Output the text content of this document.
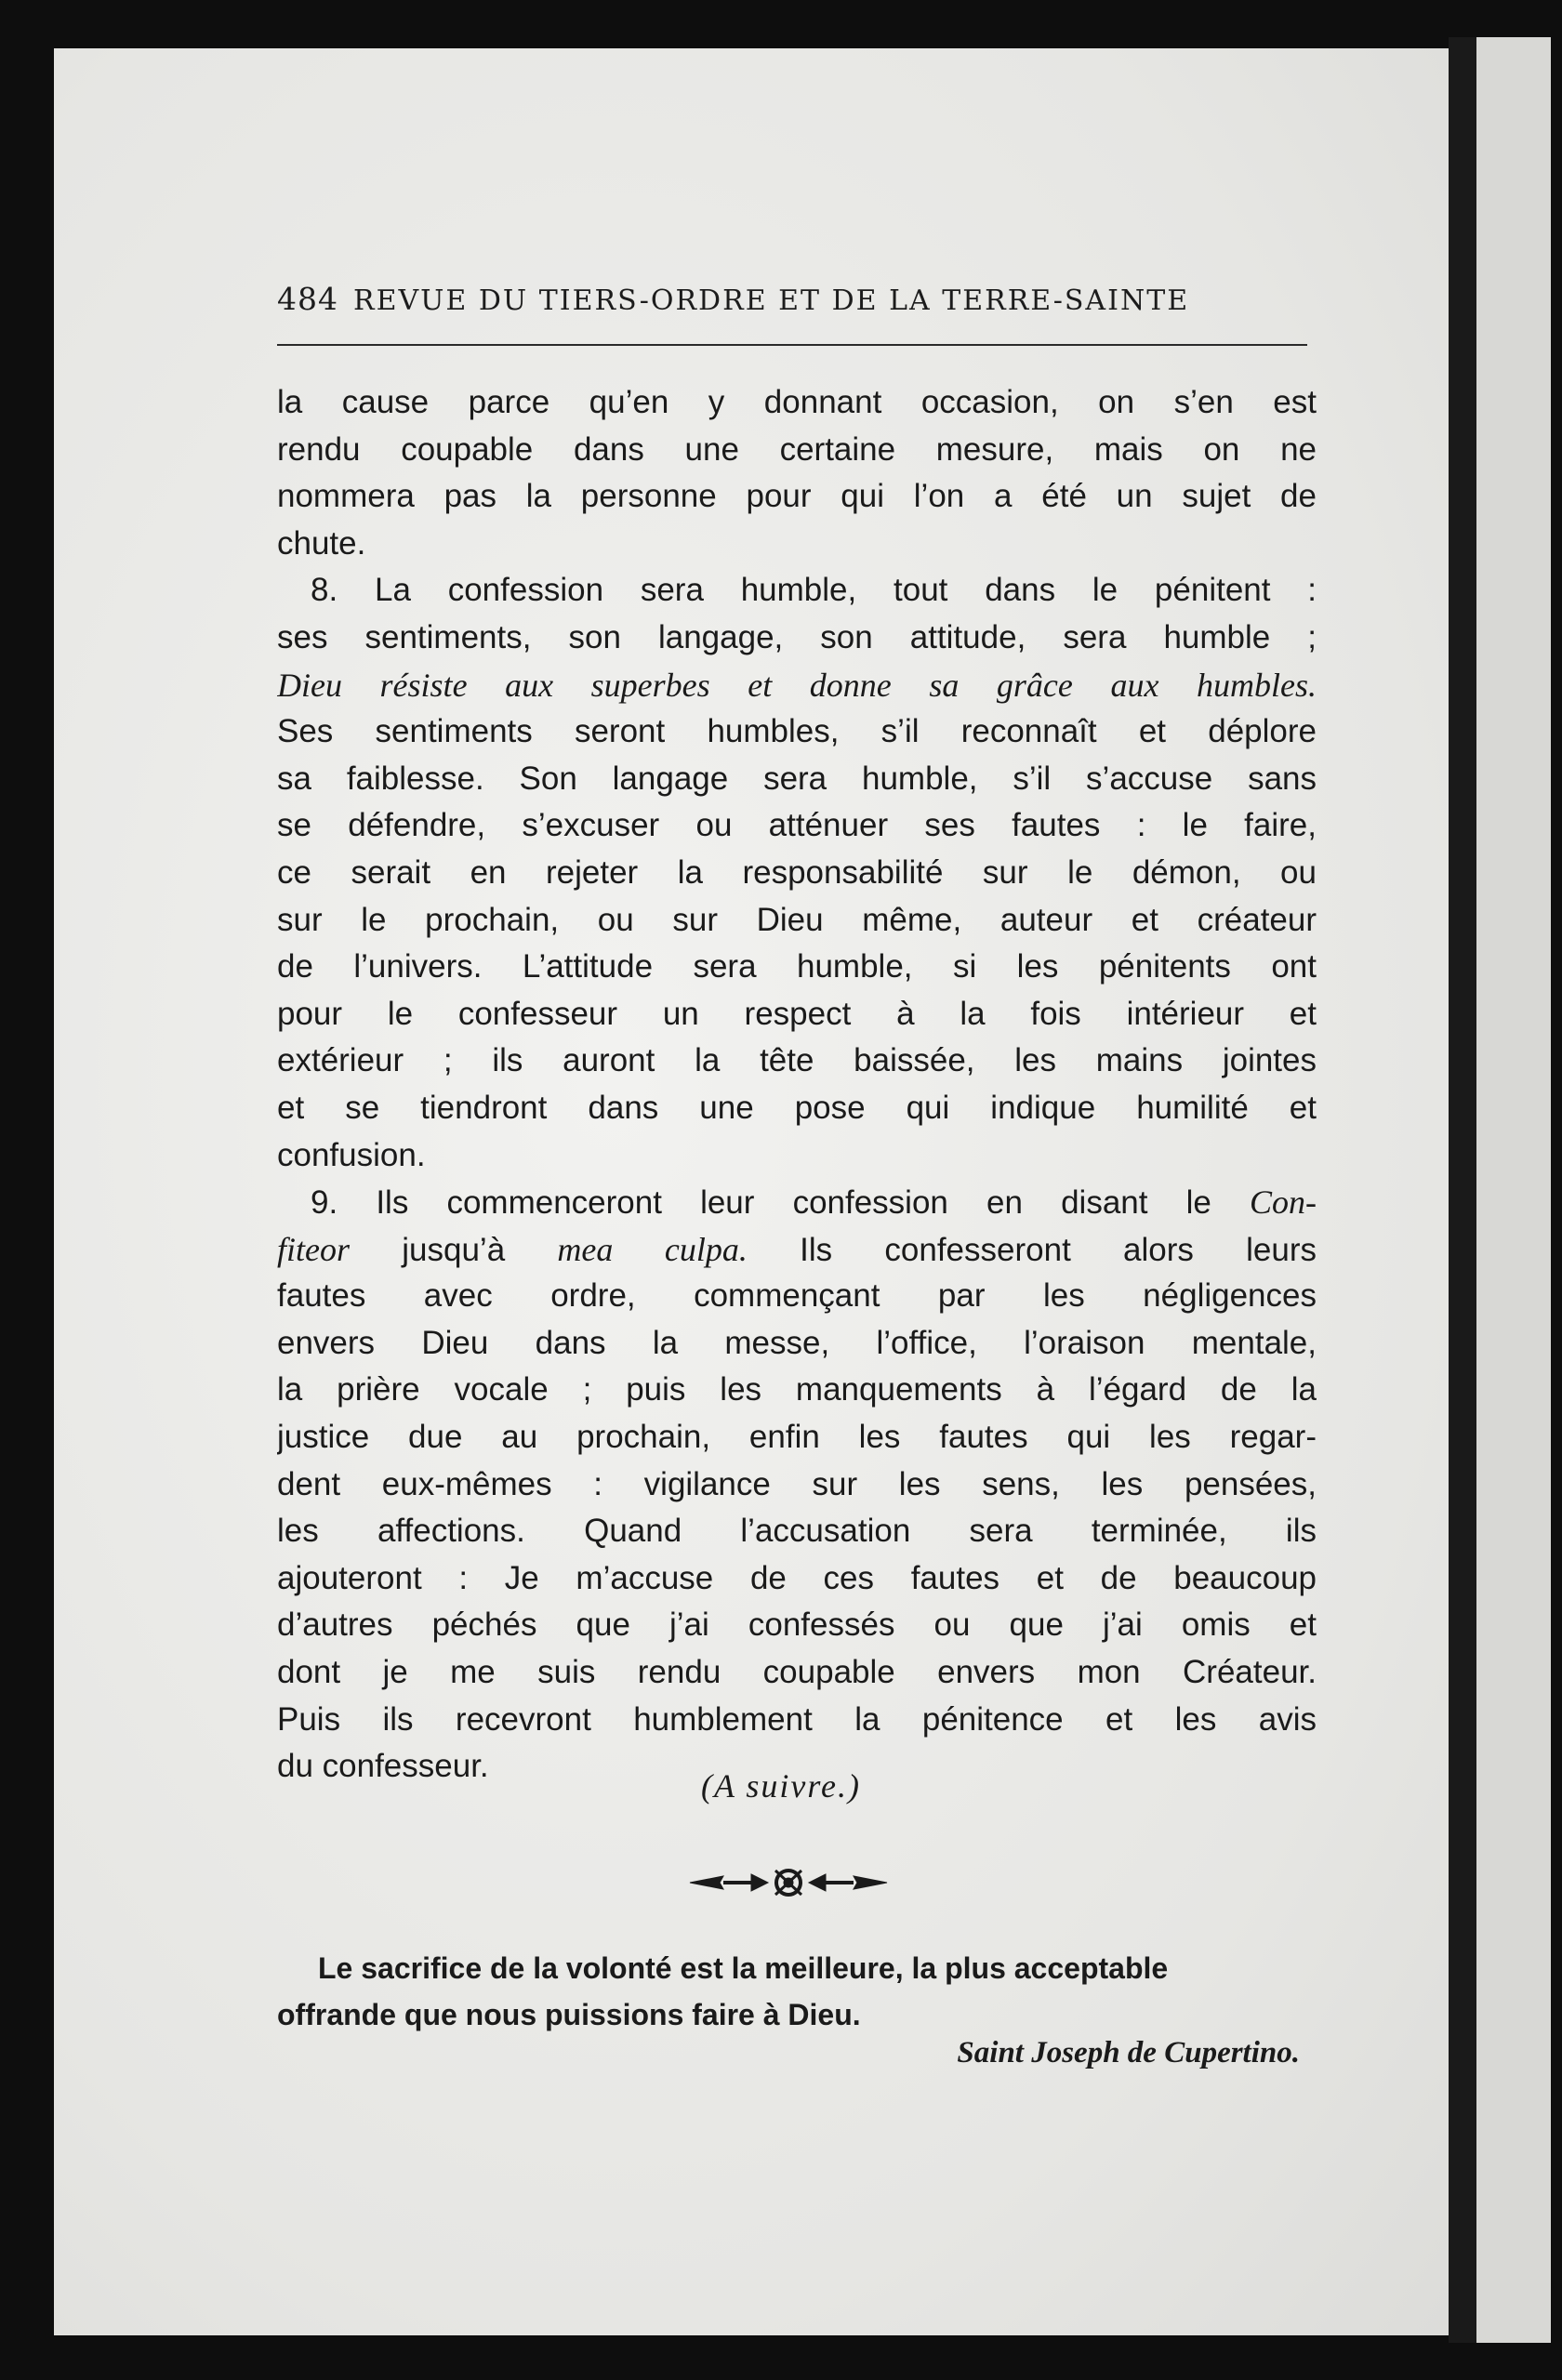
484 REVUE DU TIERS-ORDRE ET DE LA TERRE-SAINTE
la cause parce qu’en y donnant occasion, on s’en est
rendu coupable dans une certaine mesure, mais on ne
nommera pas la personne pour qui l’on a été un sujet de
chute.
8. La confession sera humble, tout dans le pénitent :
ses sentiments, son langage, son attitude, sera humble ;
Dieu résiste aux superbes et donne sa grâce aux humbles.
Ses sentiments seront humbles, s’il reconnaît et déplore
sa faiblesse. Son langage sera humble, s’il s’accuse sans
se défendre, s’excuser ou atténuer ses fautes : le faire,
ce serait en rejeter la responsabilité sur le démon, ou
sur le prochain, ou sur Dieu même, auteur et créateur
de l’univers. L’attitude sera humble, si les pénitents ont
pour le confesseur un respect à la fois intérieur et
extérieur ; ils auront la tête baissée, les mains jointes
et se tiendront dans une pose qui indique humilité et
confusion.
9. Ils commenceront leur confession en disant le Con-
fiteor jusqu’à mea culpa. Ils confesseront alors leurs
fautes avec ordre, commençant par les négligences
envers Dieu dans la messe, l’office, l’oraison mentale,
la prière vocale ; puis les manquements à l’égard de la
justice due au prochain, enfin les fautes qui les regar-
dent eux-mêmes : vigilance sur les sens, les pensées,
les affections. Quand l’accusation sera terminée, ils
ajouteront : Je m’accuse de ces fautes et de beaucoup
d’autres péchés que j’ai confessés ou que j’ai omis et
dont je me suis rendu coupable envers mon Créateur.
Puis ils recevront humblement la pénitence et les avis
du confesseur.
(A suivre.)
Le sacrifice de la volonté est la meilleure, la plus acceptable
offrande que nous puissions faire à Dieu.
Saint Joseph de Cupertino.
